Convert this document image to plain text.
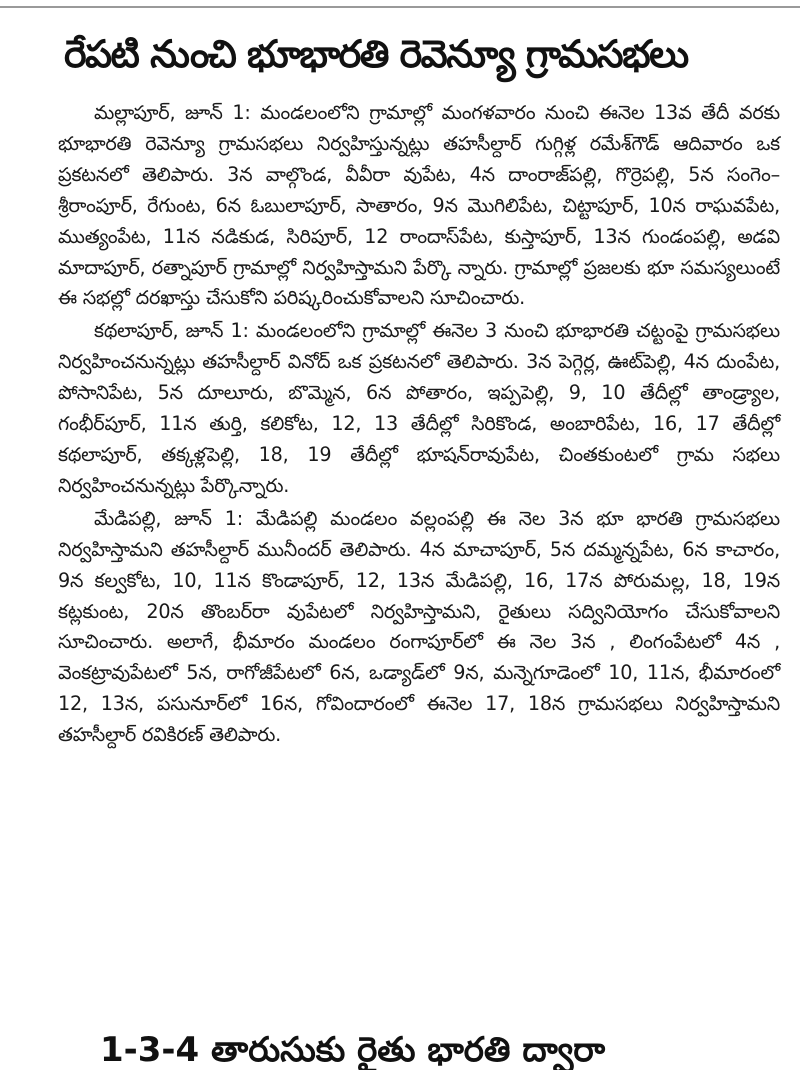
రేపటి నుంచి భూభారతి రెవెన్యూ గ్రామసభలు

మల్లాపూర్, జూన్ 1: మండలంలోని గ్రామాల్లో మంగళవారం నుంచి ఈనెల 13వ తేదీ వరకు భూభారతి రెవెన్యూ గ్రామసభలు నిర్వహిస్తున్నట్లు తహసీల్దార్ గుగ్గిళ్ల రమేశ్‌గౌడ్ ఆదివారం ఒక ప్రకటనలో తెలిపారు. 3న వాల్గొండ, వీవీరా వుపేట, 4న దాంరాజ్‌పల్లి, గొర్రెపల్లి, 5న సంగెం–శ్రీరాంపూర్, రేగుంట, 6న ఓబులాపూర్, సాతారం, 9న మొగిలిపేట, చిట్టాపూర్, 10న రాఘవపేట, ముత్యంపేట, 11న నడికుడ, సిరిపూర్, 12 రాందాస్‌పేట, కుస్తాపూర్, 13న గుండంపల్లి, అడవి మాదాపూర్, రత్నాపూర్ గ్రామాల్లో నిర్వహిస్తామని పేర్కొ న్నారు. గ్రామాల్లో ప్రజలకు భూ సమస్యలుంటే ఈ సభల్లో దరఖాస్తు చేసుకోని పరిష్కరించుకోవాలని సూచించారు.

కథలాపూర్, జూన్ 1: మండలంలోని గ్రామాల్లో ఈనెల 3 నుంచి భూభారతి చట్టంపై గ్రామసభలు నిర్వహించనున్నట్లు తహసీల్దార్ వినోద్ ఒక ప్రకటనలో తెలిపారు. 3న పెగ్గెర్ల, ఊట్‌పెల్లి, 4న దుంపేట, పోసానిపేట, 5న దూలూరు, బొమ్మెన, 6న పోతారం, ఇప్పపెల్లి, 9, 10 తేదీల్లో తాండ్ర్యాల, గంభీర్‌పూర్, 11న తుర్తి, కలికోట, 12, 13 తేదీల్లో సిరికొండ, అంబారిపేట, 16, 17 తేదీల్లో కథలాపూర్, తక్కళ్లపెల్లి, 18, 19 తేదీల్లో భూషన్‌రావుపేట, చింతకుంటలో గ్రామ సభలు నిర్వహించనున్నట్లు పేర్కొన్నారు.

మేడిపల్లి, జూన్ 1: మేడిపల్లి మండలం వల్లంపల్లి ఈ నెల 3న భూ భారతి గ్రామసభలు నిర్వహిస్తామని తహసీల్దార్ మునీందర్ తెలిపారు. 4న మాచాపూర్, 5న దమ్మన్నపేట, 6న కాచారం, 9న కల్వకోట, 10, 11న కొండాపూర్, 12, 13న మేడిపల్లి, 16, 17న పోరుమల్ల, 18, 19న కట్లకుంట, 20న తొంబర్‌రా వుపేటలో నిర్వహిస్తామని, రైతులు సద్వినియోగం చేసుకోవాలని సూచించారు. అలాగే, భీమారం మండలం రంగాపూర్‌లో ఈ నెల 3న , లింగంపేటలో 4న , వెంకట్రావుపేటలో 5న, రాగోజీపేటలో 6న, ఒడ్యాడ్‌లో 9న, మన్నెగూడెంలో 10, 11న, భీమారంలో 12, 13న, పసునూర్‌లో 16న, గోవిందారంలో ఈనెల 17, 18న గ్రామసభలు నిర్వహిస్తామని తహసీల్దార్ రవికిరణ్ తెలిపారు.

1-3-4 తారుసుకు రైతు భారతి ద్వారా
